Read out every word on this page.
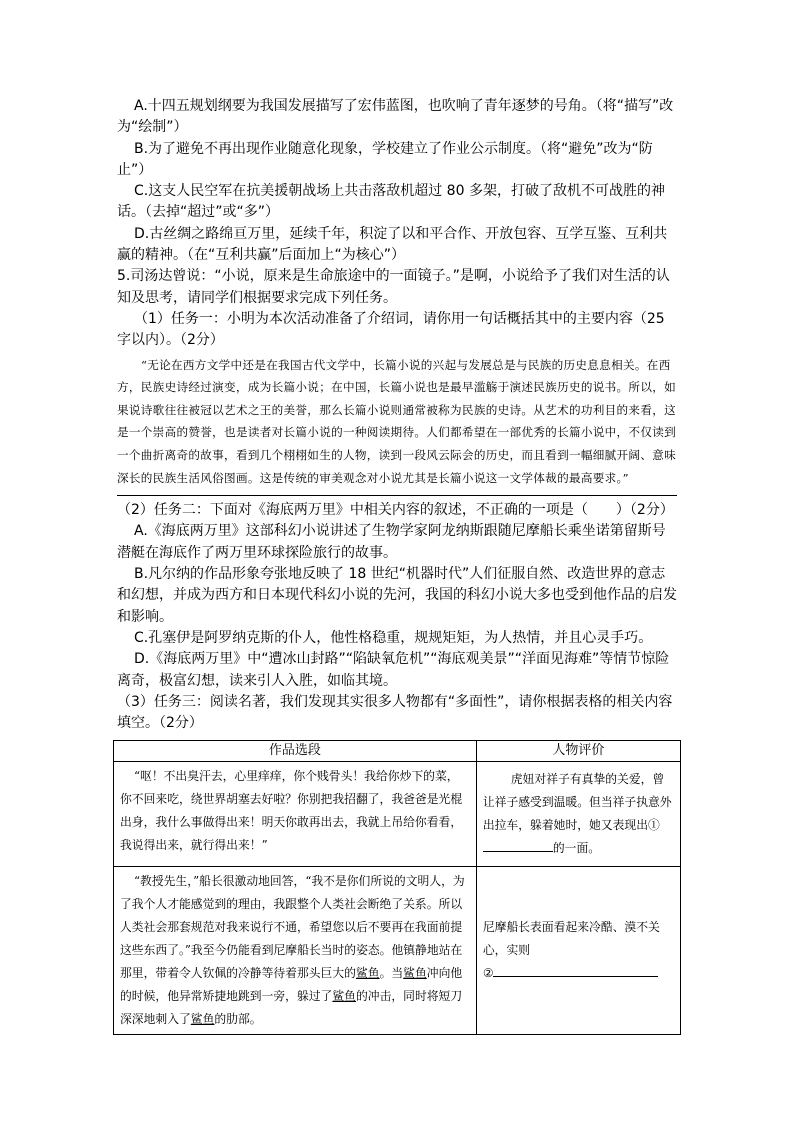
A.十四五规划纲要为我国发展描写了宏伟蓝图，也吹响了青年逐梦的号角。（将“描写”改为“绘制”）

B.为了避免不再出现作业随意化现象，学校建立了作业公示制度。（将“避免”改为“防止”）

C.这支人民空军在抗美援朝战场上共击落敌机超过 80 多架，打破了敌机不可战胜的神话。（去掉“超过”或“多”）

D.古丝绸之路绵亘万里，延续千年，积淀了以和平合作、开放包容、互学互鉴、互利共赢的精神。（在“互利共赢”后面加上“为核心”）

5.司汤达曾说：“小说，原来是生命旅途中的一面镜子。”是啊，小说给予了我们对生活的认知及思考，请同学们根据要求完成下列任务。

（1）任务一：小明为本次活动准备了介绍词，请你用一句话概括其中的主要内容（25 字以内）。（2分）

“无论在西方文学中还是在我国古代文学中，长篇小说的兴起与发展总是与民族的历史息息相关。在西方，民族史诗经过演变，成为长篇小说；在中国，长篇小说也是最早滥觞于演述民族历史的说书。所以，如果说诗歌往往被冠以艺术之王的美誉，那么长篇小说则通常被称为民族的史诗。从艺术的功利目的来看，这是一个崇高的赞誉，也是读者对长篇小说的一种阅读期待。人们都希望在一部优秀的长篇小说中，不仅读到一个曲折离奇的故事，看到几个栩栩如生的人物，读到一段风云际会的历史，而且看到一幅细腻开阔、意味深长的民族生活风俗图画。这是传统的审美观念对小说尤其是长篇小说这一文学体裁的最高要求。”

（2）任务二：下面对《海底两万里》中相关内容的叙述，不正确的一项是（ ）（2分）

A.《海底两万里》这部科幻小说讲述了生物学家阿龙纳斯跟随尼摩船长乘坐诺第留斯号潜艇在海底作了两万里环球探险旅行的故事。

B.凡尔纳的作品形象夸张地反映了 18 世纪“机器时代”人们征服自然、改造世界的意志和幻想，并成为西方和日本现代科幻小说的先河，我国的科幻小说大多也受到他作品的启发和影响。

C.孔塞伊是阿罗纳克斯的仆人，他性格稳重，规规矩矩，为人热情，并且心灵手巧。

D.《海底两万里》中“遭冰山封路”“陷缺氧危机”“海底观美景”“洋面见海难”等情节惊险离奇，极富幻想，读来引人入胜，如临其境。

（3）任务三：阅读名著，我们发现其实很多人物都有“多面性”，请你根据表格的相关内容填空。（2分）

作品选段	人物评价

“呕！不出臭汗去，心里痒痒，你个贱骨头！我给你炒下的菜，你不回来吃，绕世界胡塞去好啦？你别把我招翻了，我爸爸是光棍出身，我什么事做得出来！明天你敢再出去，我就上吊给你看看，我说得出来，就行得出来！”	虎妞对祥子有真挚的关爱，曾让祥子感受到温暖。但当祥子执意外出拉车，躲着她时，她又表现出①的一面。

“教授先生，”船长很激动地回答，“我不是你们所说的文明人，为了我个人才能感觉到的理由，我跟整个人类社会断绝了关系。所以人类社会那套规范对我来说行不通，希望您以后不要再在我面前提这些东西了。”我至今仍能看到尼摩船长当时的姿态。他镇静地站在那里，带着令人钦佩的冷静等待着那头巨大的鲨鱼。当鲨鱼冲向他的时候，他异常矫捷地跳到一旁，躲过了鲨鱼的冲击，同时将短刀深深地刺入了鲨鱼的肋部。	尼摩船长表面看起来冷酷、漠不关心，实则
②
